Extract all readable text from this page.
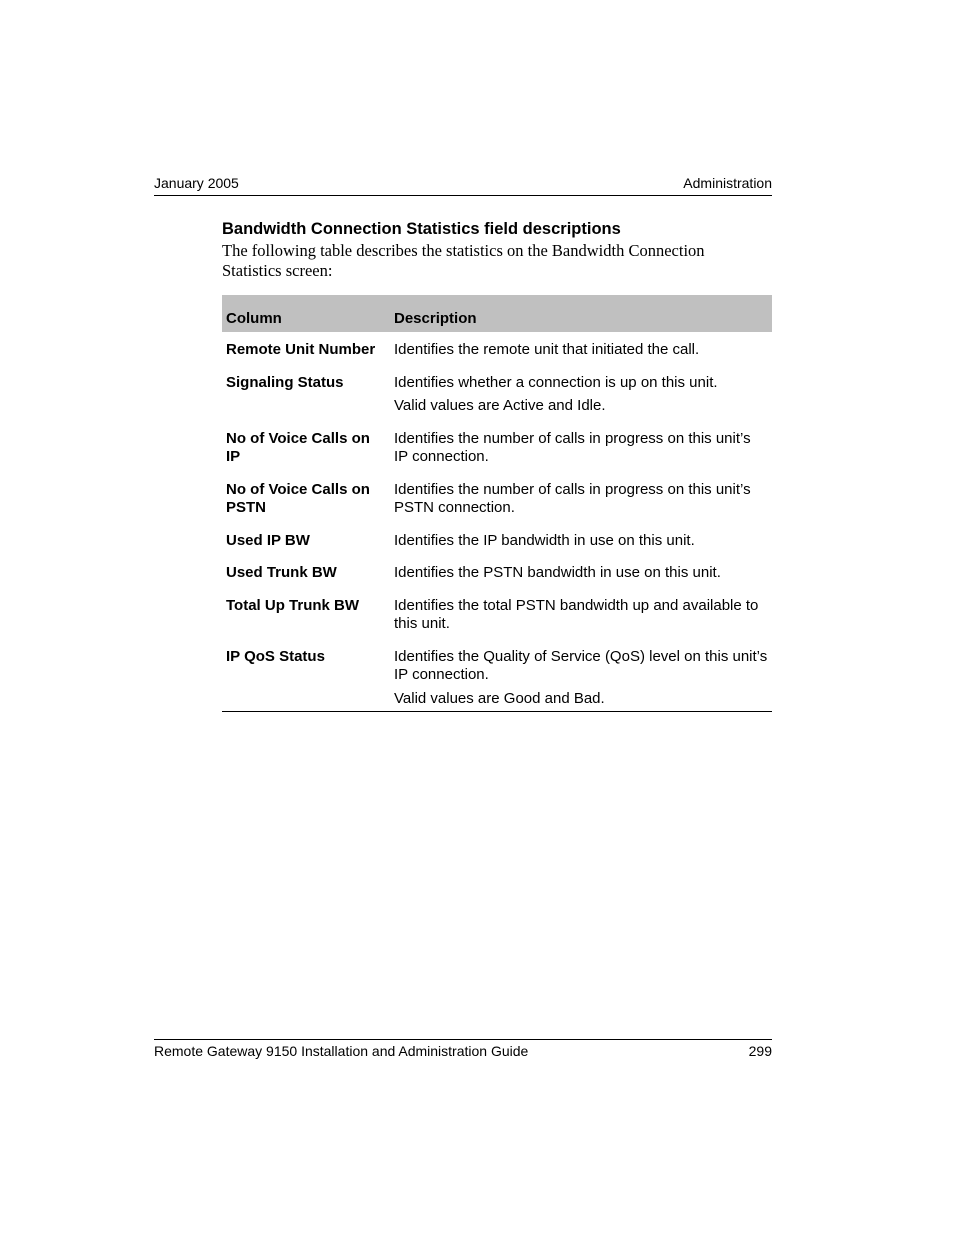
January 2005	Administration
Bandwidth Connection Statistics field descriptions

The following table describes the statistics on the Bandwidth Connection Statistics screen:

Column	Description
Remote Unit Number	Identifies the remote unit that initiated the call.
Signaling Status	Identifies whether a connection is up on this unit.
Valid values are Active and Idle.

No of Voice Calls on IP	Identifies the number of calls in progress on this unit’s IP connection.
No of Voice Calls on PSTN	Identifies the number of calls in progress on this unit’s PSTN connection.
Used IP BW	Identifies the IP bandwidth in use on this unit.
Used Trunk BW	Identifies the PSTN bandwidth in use on this unit.
Total Up Trunk BW	Identifies the total PSTN bandwidth up and available to this unit.
IP QoS Status	Identifies the Quality of Service (QoS) level on this unit’s IP connection.
Valid values are Good and Bad.
Remote Gateway 9150 Installation and Administration Guide	299
